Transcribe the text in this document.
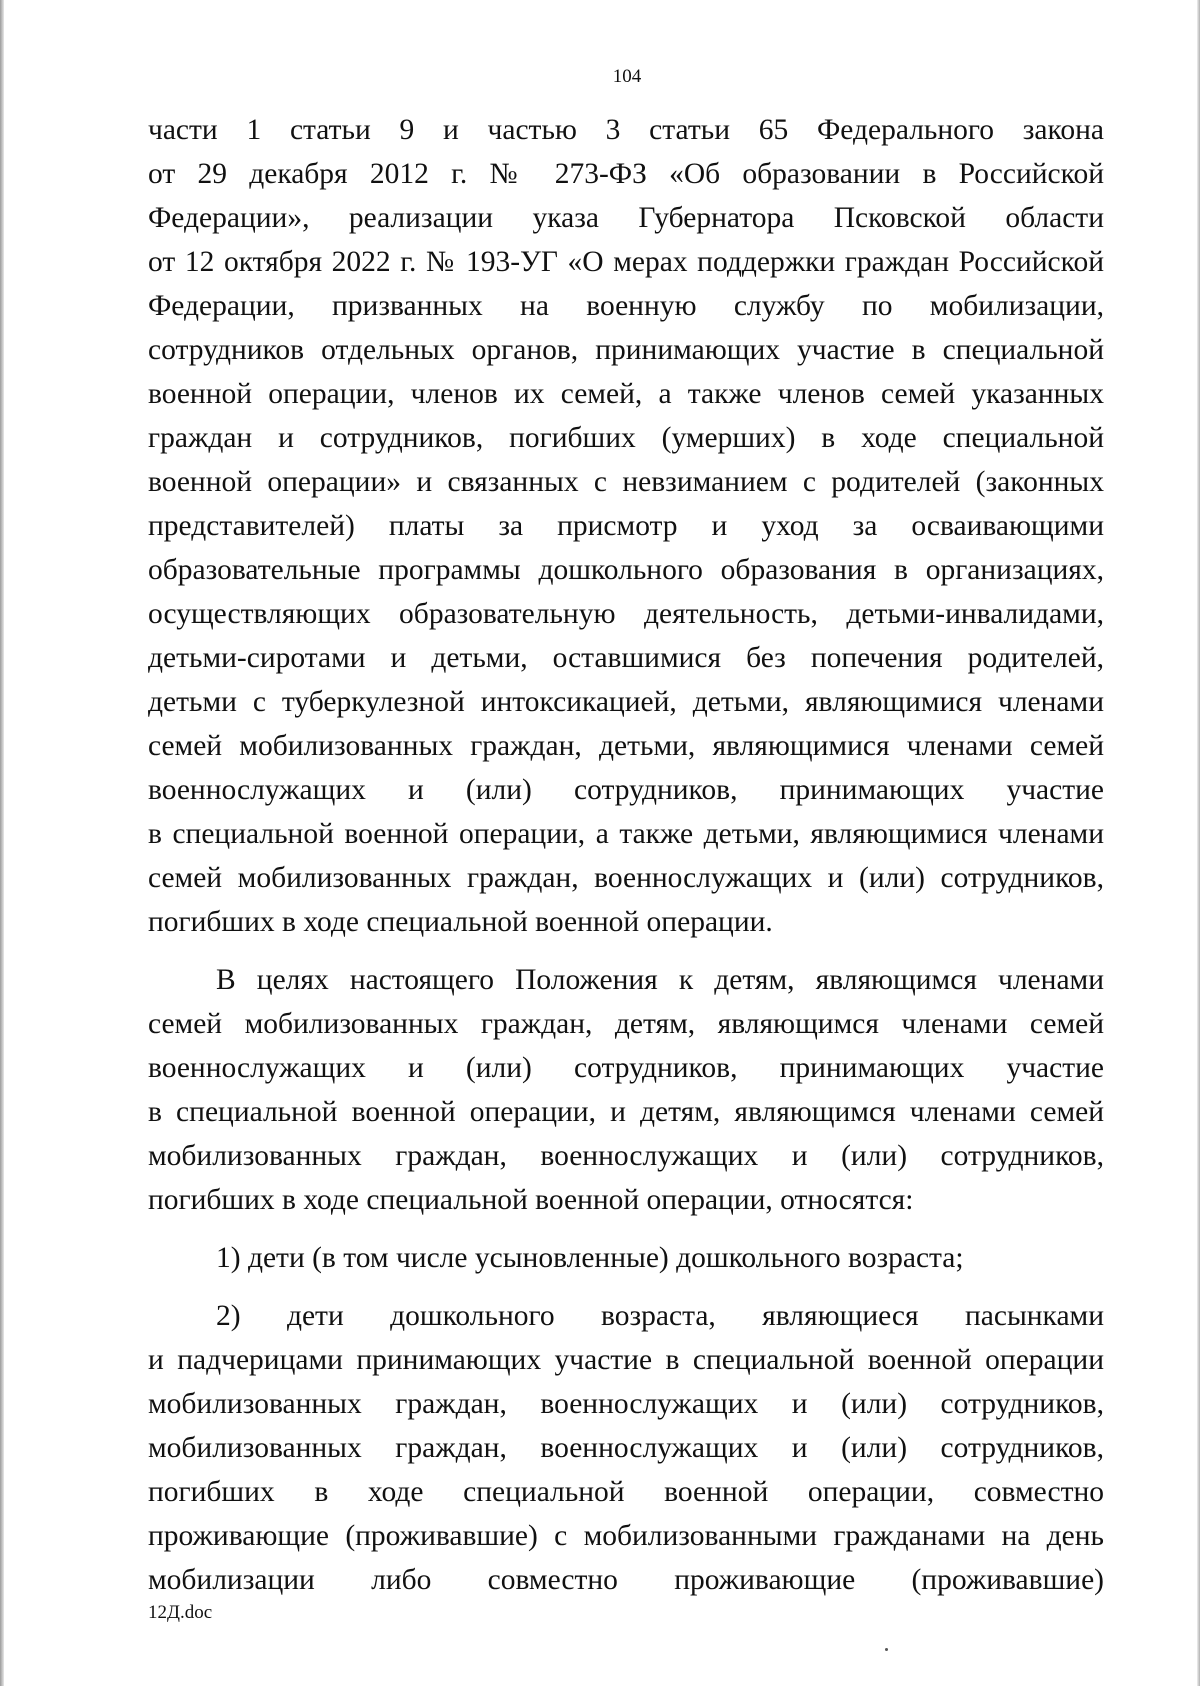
104
части 1 статьи 9 и частью 3 статьи 65 Федерального закона
от 29 декабря 2012 г. № 273-ФЗ «Об образовании в Российской
Федерации», реализации указа Губернатора Псковской области
от 12 октября 2022 г. № 193-УГ «О мерах поддержки граждан Российской
Федерации, призванных на военную службу по мобилизации,
сотрудников отдельных органов, принимающих участие в специальной
военной операции, членов их семей, а также членов семей указанных
граждан и сотрудников, погибших (умерших) в ходе специальной
военной операции» и связанных с невзиманием с родителей (законных
представителей) платы за присмотр и уход за осваивающими
образовательные программы дошкольного образования в организациях,
осуществляющих образовательную деятельность, детьми-инвалидами,
детьми-сиротами и детьми, оставшимися без попечения родителей,
детьми с туберкулезной интоксикацией, детьми, являющимися членами
семей мобилизованных граждан, детьми, являющимися членами семей
военнослужащих и (или) сотрудников, принимающих участие
в специальной военной операции, а также детьми, являющимися членами
семей мобилизованных граждан, военнослужащих и (или) сотрудников,
погибших в ходе специальной военной операции.
В целях настоящего Положения к детям, являющимся членами
семей мобилизованных граждан, детям, являющимся членами семей
военнослужащих и (или) сотрудников, принимающих участие
в специальной военной операции, и детям, являющимся членами семей
мобилизованных граждан, военнослужащих и (или) сотрудников,
погибших в ходе специальной военной операции, относятся:
1) дети (в том числе усыновленные) дошкольного возраста;
2) дети дошкольного возраста, являющиеся пасынками
и падчерицами принимающих участие в специальной военной операции
мобилизованных граждан, военнослужащих и (или) сотрудников,
мобилизованных граждан, военнослужащих и (или) сотрудников,
погибших в ходе специальной военной операции, совместно
проживающие (проживавшие) с мобилизованными гражданами на день
мобилизации либо совместно проживающие (проживавшие)
12Д.doc
